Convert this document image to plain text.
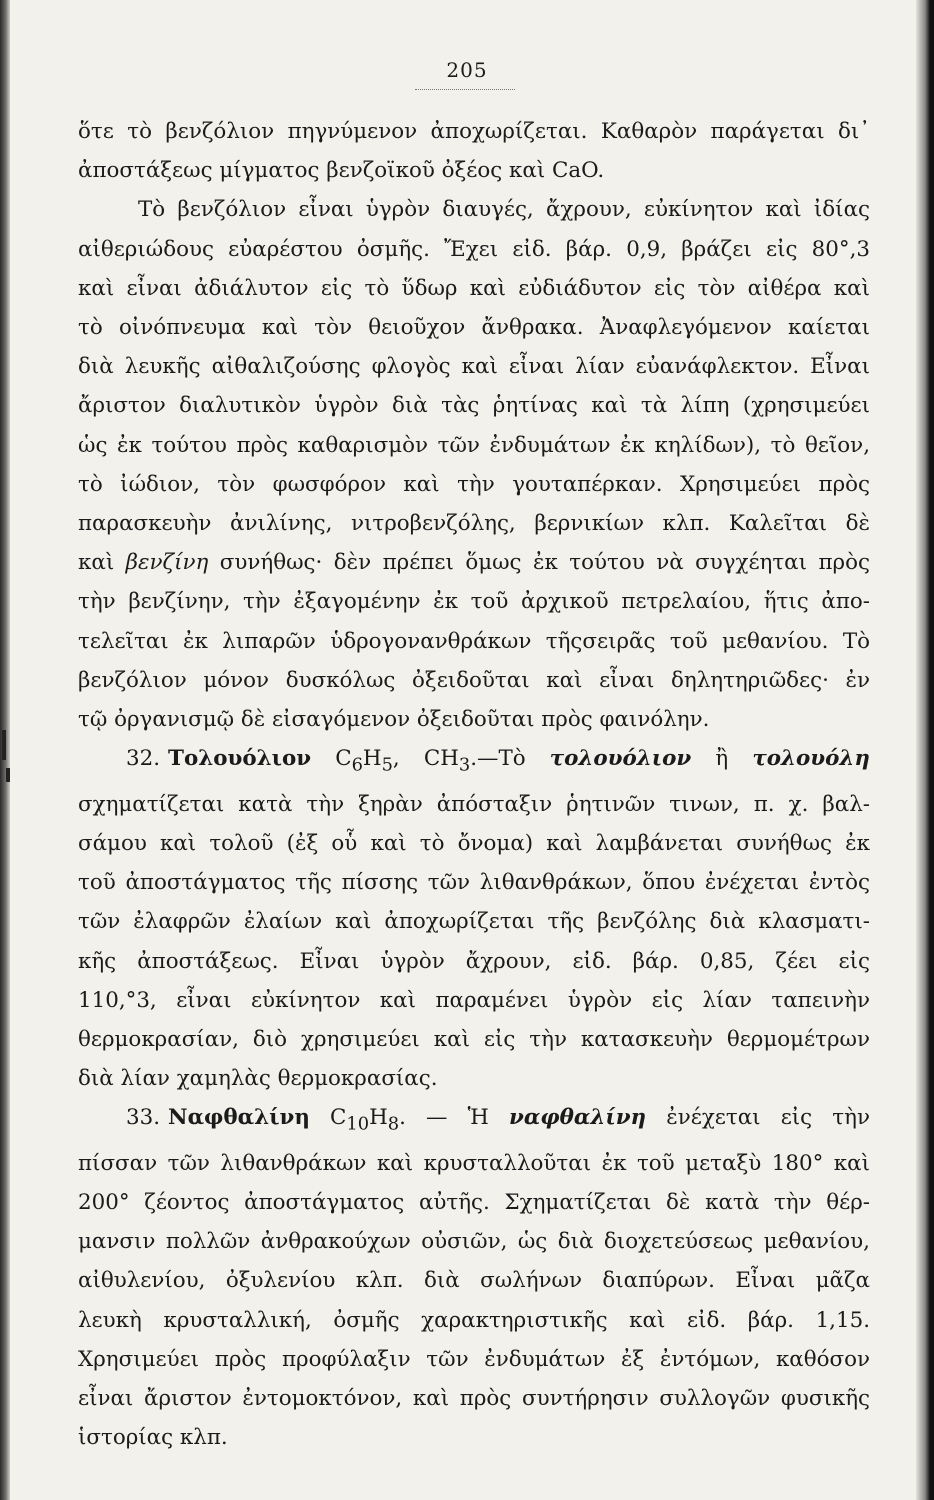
205
ὅτε τὸ βενζόλιον πηγνύμενον ἀποχωρίζεται. Καθαρὸν παράγεται δι᾽
ἀποστάξεως μίγματος βενζοϊκοῦ ὀξέος καὶ CaO.
Τὸ βενζόλιον εἶναι ὑγρὸν διαυγές, ἄχρουν, εὐκίνητον καὶ ἰδίας
αἰθεριώδους εὐαρέστου ὀσμῆς. Ἔχει εἰδ. βάρ. 0,9, βράζει εἰς 80°,3
καὶ εἶναι ἀδιάλυτον εἰς τὸ ὕδωρ καὶ εὐδιάδυτον εἰς τὸν αἰθέρα καὶ
τὸ οἰνόπνευμα καὶ τὸν θειοῦχον ἄνθρακα. Ἀναφλεγόμενον καίεται
διὰ λευκῆς αἰθαλιζούσης φλογὸς καὶ εἶναι λίαν εὐανάφλεκτον. Εἶναι
ἄριστον διαλυτικὸν ὑγρὸν διὰ τὰς ῥητίνας καὶ τὰ λίπη (χρησιμεύει
ὡς ἐκ τούτου πρὸς καθαρισμὸν τῶν ἐνδυμάτων ἐκ κηλίδων), τὸ θεῖον,
τὸ ἰώδιον, τὸν φωσφόρον καὶ τὴν γουταπέρκαν. Χρησιμεύει πρὸς
παρασκευὴν ἀνιλίνης, νιτροβενζόλης, βερνικίων κλπ. Καλεῖται δὲ
καὶ βενζίνη συνήθως· δὲν πρέπει ὅμως ἐκ τούτου νὰ συγχέηται πρὸς
τὴν βενζίνην, τὴν ἐξαγομένην ἐκ τοῦ ἀρχικοῦ πετρελαίου, ἥτις ἀπο-
τελεῖται ἐκ λιπαρῶν ὑδρογονανθράκων τῆςσειρᾶς τοῦ μεθανίου. Τὸ
βενζόλιον μόνον δυσκόλως ὀξειδοῦται καὶ εἶναι δηλητηριῶδες· ἐν
τῷ ὀργανισμῷ δὲ εἰσαγόμενον ὀξειδοῦται πρὸς φαινόλην.
32. Τολουόλιον $C_6H_5$, $CH_3.—Tὸ$ τολουόλιον ἢ τολουόλη
σχηματίζεται κατὰ τὴν ξηρὰν ἀπόσταξιν ῥητινῶν τινων, π. χ. βαλ-
σάμου καὶ τολοῦ (ἐξ οὗ καὶ τὸ ὄνομα) καὶ λαμβάνεται συνήθως ἐκ
τοῦ ἀποστάγματος τῆς πίσσης τῶν λιθανθράκων, ὅπου ἐνέχεται ἐντὸς
τῶν ἐλαφρῶν ἐλαίων καὶ ἀποχωρίζεται τῆς βενζόλης διὰ κλασματι-
κῆς ἀποστάξεως. Εἶναι ὑγρὸν ἄχρουν, εἰδ. βάρ. 0,85, ζέει εἰς
110,°3, εἶναι εὐκίνητον καὶ παραμένει ὑγρὸν εἰς λίαν ταπεινὴν
θερμοκρασίαν, διὸ χρησιμεύει καὶ εἰς τὴν κατασκευὴν θερμομέτρων
διὰ λίαν χαμηλὰς θερμοκρασίας.
33. Ναφθαλίνη $C_{10}H_8$. — Ἡ ναφθαλίνη ἐνέχεται εἰς τὴν
πίσσαν τῶν λιθανθράκων καὶ κρυσταλλοῦται ἐκ τοῦ μεταξὺ 180° καὶ
200° ζέοντος ἀποστάγματος αὐτῆς. Σχηματίζεται δὲ κατὰ τὴν θέρ-
μανσιν πολλῶν ἀνθρακούχων οὐσιῶν, ὡς διὰ διοχετεύσεως μεθανίου,
αἰθυλενίου, ὀξυλενίου κλπ. διὰ σωλήνων διαπύρων. Εἶναι μᾶζα
λευκὴ κρυσταλλική, ὀσμῆς χαρακτηριστικῆς καὶ εἰδ. βάρ. 1,15.
Χρησιμεύει πρὸς προφύλαξιν τῶν ἐνδυμάτων ἐξ ἐντόμων, καθόσον
εἶναι ἄριστον ἐντομοκτόνον, καὶ πρὸς συντήρησιν συλλογῶν φυσικῆς
ἱστορίας κλπ.
